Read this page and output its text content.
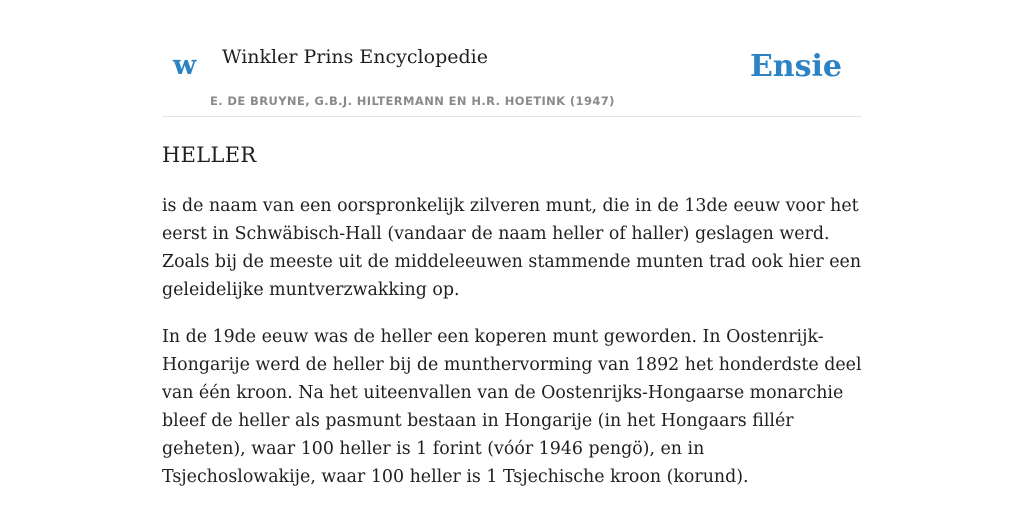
w Winkler Prins Encyclopedie
E. DE BRUYNE, G.B.J. HILTERMANN EN H.R. HOETINK (1947)
Ensie
HELLER

is de naam van een oorspronkelijk zilveren munt, die in de 13de eeuw voor het eerst in Schwäbisch-Hall (vandaar de naam heller of haller) geslagen werd. Zoals bij de meeste uit de middeleeuwen stammende munten trad ook hier een geleidelijke muntverzwakking op.

In de 19de eeuw was de heller een koperen munt geworden. In Oostenrijk-Hongarije werd de heller bij de munthervorming van 1892 het honderdste deel van één kroon. Na het uiteenvallen van de Oostenrijks-Hongaarse monarchie bleef de heller als pasmunt bestaan in Hongarije (in het Hongaars fillér geheten), waar 100 heller is 1 forint (vóór 1946 pengö), en in Tsjechoslowakije, waar 100 heller is 1 Tsjechische kroon (korund).
